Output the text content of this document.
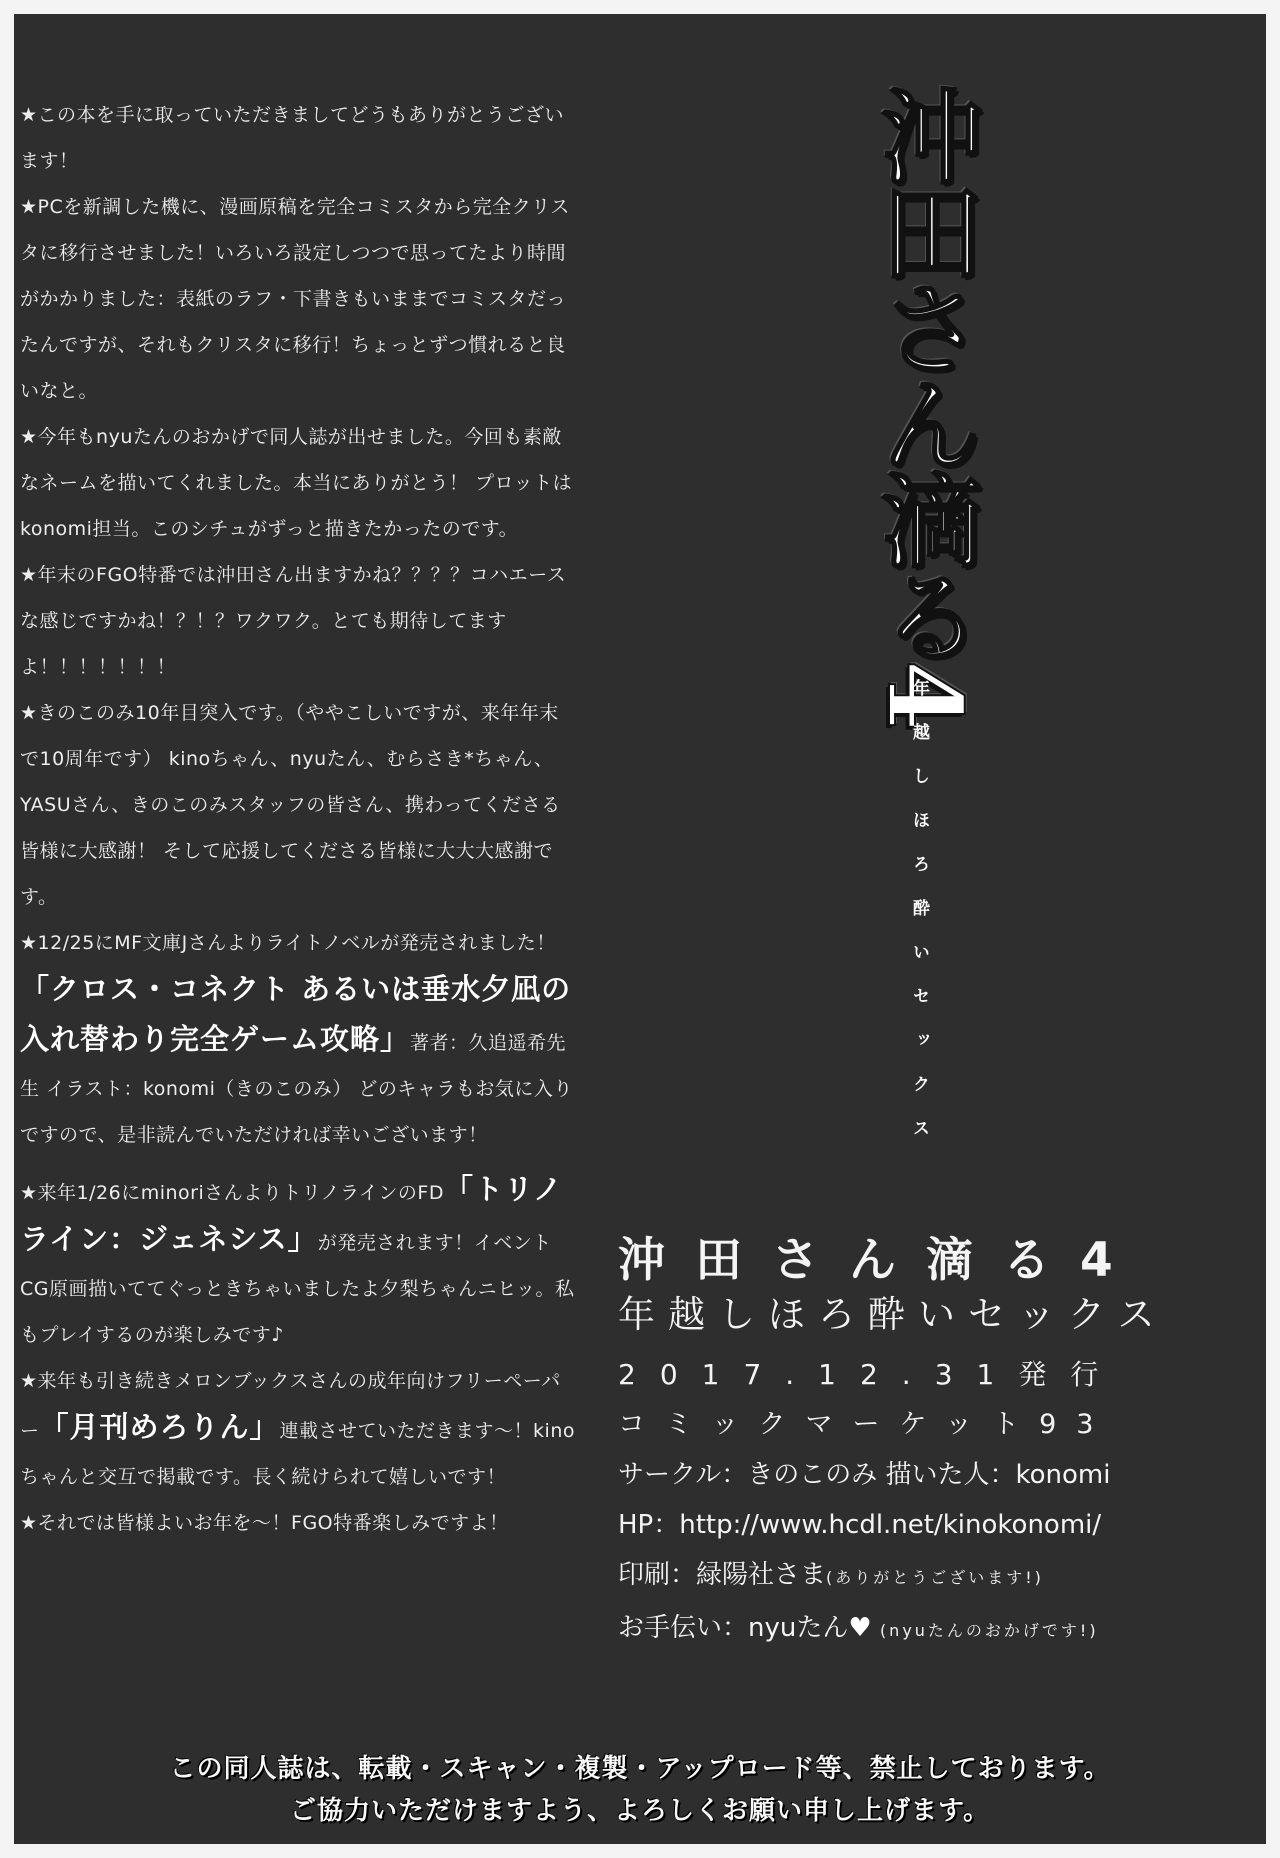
★この本を手に取っていただきましてどうもありがとうございます！

★PCを新調した機に、漫画原稿を完全コミスタから完全クリスタに移行させました！いろいろ設定しつつで思ってたより時間がかかりました：表紙のラフ・下書きもいままでコミスタだったんですが、それもクリスタに移行！ちょっとずつ慣れると良いなと。

★今年もnyuたんのおかげで同人誌が出せました。今回も素敵なネームを描いてくれました。本当にありがとう！ プロットはkonomi担当。このシチュがずっと描きたかったのです。

★年末のFGO特番では沖田さん出ますかね？？？？コハエースな感じですかね！？！？ワクワク。とても期待してますよ！！！！！！！

★きのこのみ10年目突入です。（ややこしいですが、来年年末で10周年です） kinoちゃん、nyuたん、むらさき*ちゃん、YASUさん、きのこのみスタッフの皆さん、携わってくださる皆様に大感謝！ そして応援してくださる皆様に大大大感謝です。

★12/25にMF文庫Jさんよりライトノベルが発売されました！「クロス・コネクト あるいは垂水夕凪の入れ替わり完全ゲーム攻略」著者：久追遥希先生 イラスト：konomi（きのこのみ） どのキャラもお気に入りですので、是非読んでいただければ幸いございます！

★来年1/26にminoriさんよりトリノラインのFD「トリノライン：ジェネシス」が発売されます！イベントCG原画描いててぐっときちゃいましたよ夕梨ちゃんニヒッ。私もプレイするのが楽しみです♪

★来年も引き続きメロンブックスさんの成年向けフリーペーパー「月刊めろりん」連載させていただきます～！kinoちゃんと交互で掲載です。長く続けられて嬉しいです！

★それでは皆様よいお年を～！FGO特番楽しみですよ！

沖田さん滴る4
年越しほろ酔いセックス
沖田さん滴る4
年越しほろ酔いセックス
2017.12.31発行
コミックマーケット93
サークル：きのこのみ 描いた人：konomi
HP：http://www.hcdl.net/kinokonomi/
印刷：緑陽社さま(ありがとうございます!)
お手伝い：nyuたん♥ (nyuたんのおかげです!)
この同人誌は、転載・スキャン・複製・アップロード等、禁止しております。
ご協力いただけますよう、よろしくお願い申し上げます。
